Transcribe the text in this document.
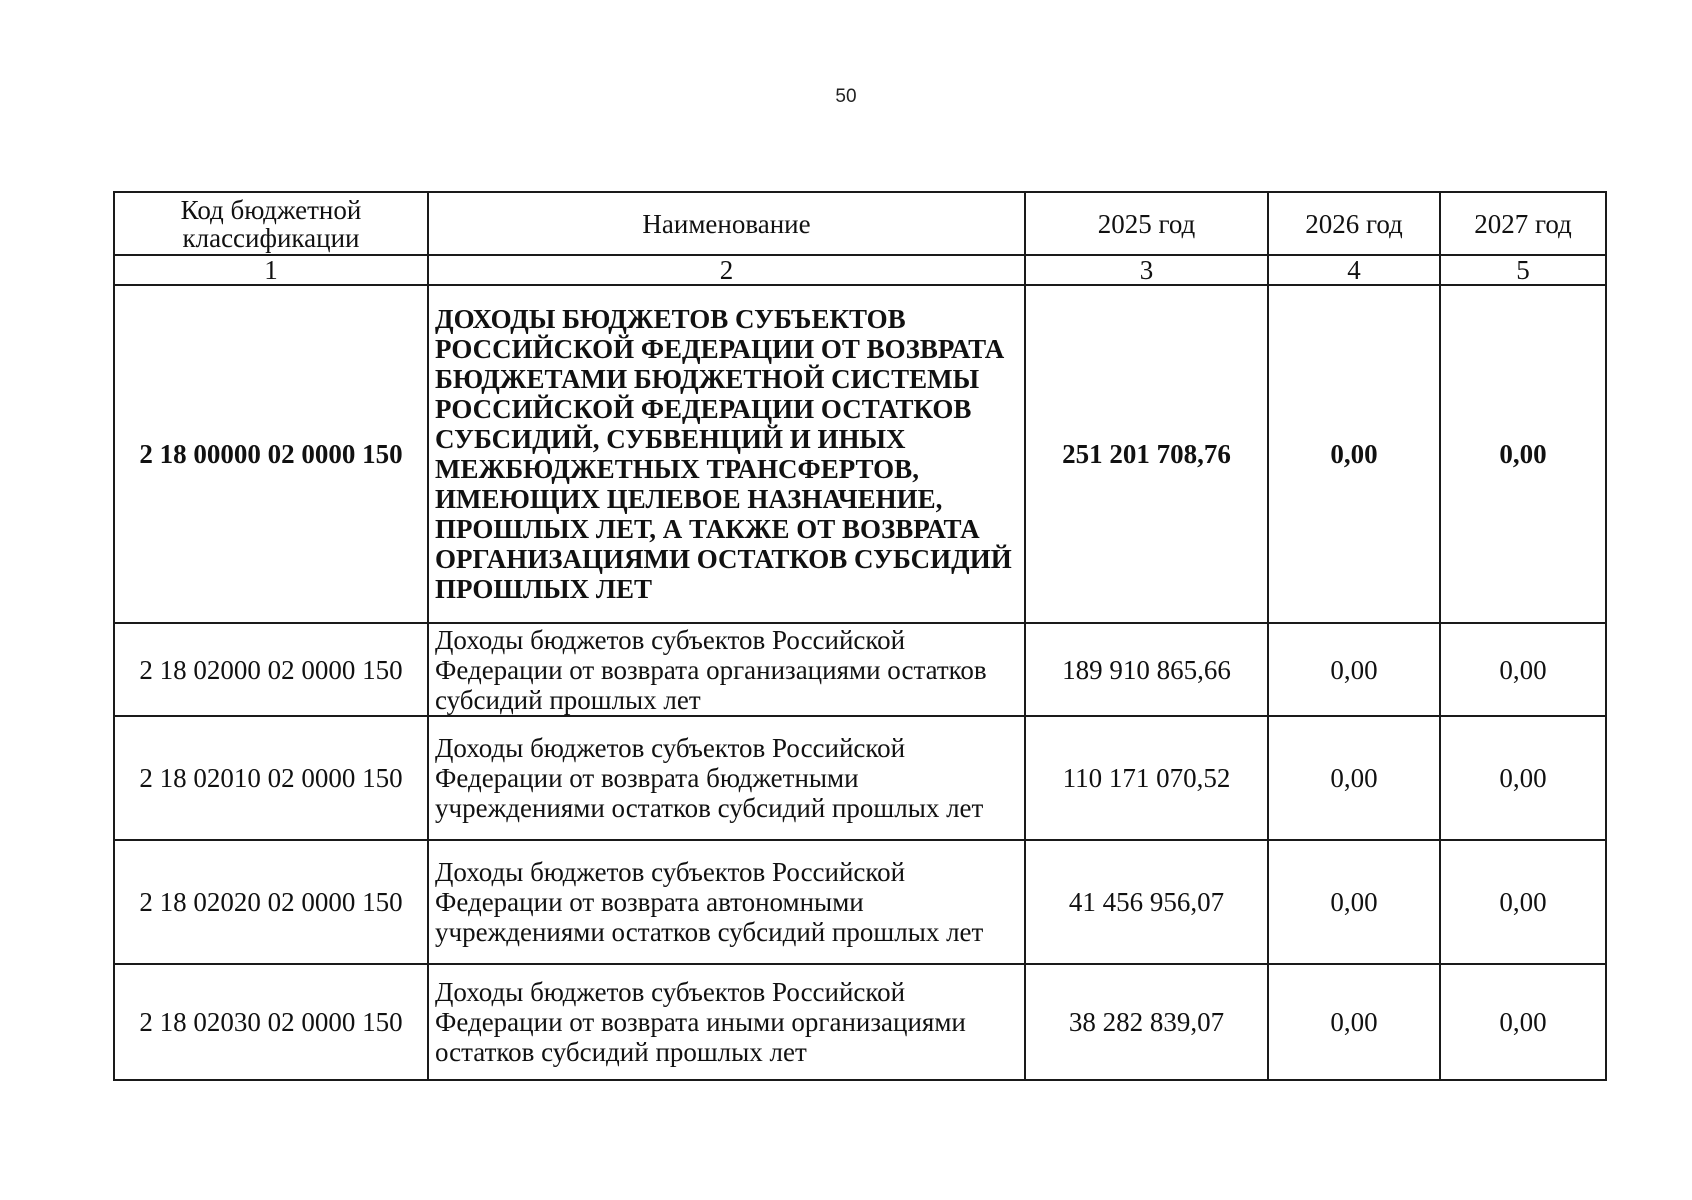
50
Код бюджетной классификации	Наименование	2025 год	2026 год	2027 год
1	2	3	4	5
2 18 00000 02 0000 150	ДОХОДЫ БЮДЖЕТОВ СУБЪЕКТОВ РОССИЙСКОЙ ФЕДЕРАЦИИ ОТ ВОЗВРАТА БЮДЖЕТАМИ БЮДЖЕТНОЙ СИСТЕМЫ РОССИЙСКОЙ ФЕДЕРАЦИИ ОСТАТКОВ СУБСИДИЙ, СУБВЕНЦИЙ И ИНЫХ МЕЖБЮДЖЕТНЫХ ТРАНСФЕРТОВ, ИМЕЮЩИХ ЦЕЛЕВОЕ НАЗНАЧЕНИЕ, ПРОШЛЫХ ЛЕТ, А ТАКЖЕ ОТ ВОЗВРАТА ОРГАНИЗАЦИЯМИ ОСТАТКОВ СУБСИДИЙ ПРОШЛЫХ ЛЕТ	251 201 708,76	0,00	0,00
2 18 02000 02 0000 150	Доходы бюджетов субъектов Российской Федерации от возврата организациями остатков субсидий прошлых лет	189 910 865,66	0,00	0,00
2 18 02010 02 0000 150	Доходы бюджетов субъектов Российской Федерации от возврата бюджетными учреждениями остатков субсидий прошлых лет	110 171 070,52	0,00	0,00
2 18 02020 02 0000 150	Доходы бюджетов субъектов Российской Федерации от возврата автономными учреждениями остатков субсидий прошлых лет	41 456 956,07	0,00	0,00
2 18 02030 02 0000 150	Доходы бюджетов субъектов Российской Федерации от возврата иными организациями остатков субсидий прошлых лет	38 282 839,07	0,00	0,00
